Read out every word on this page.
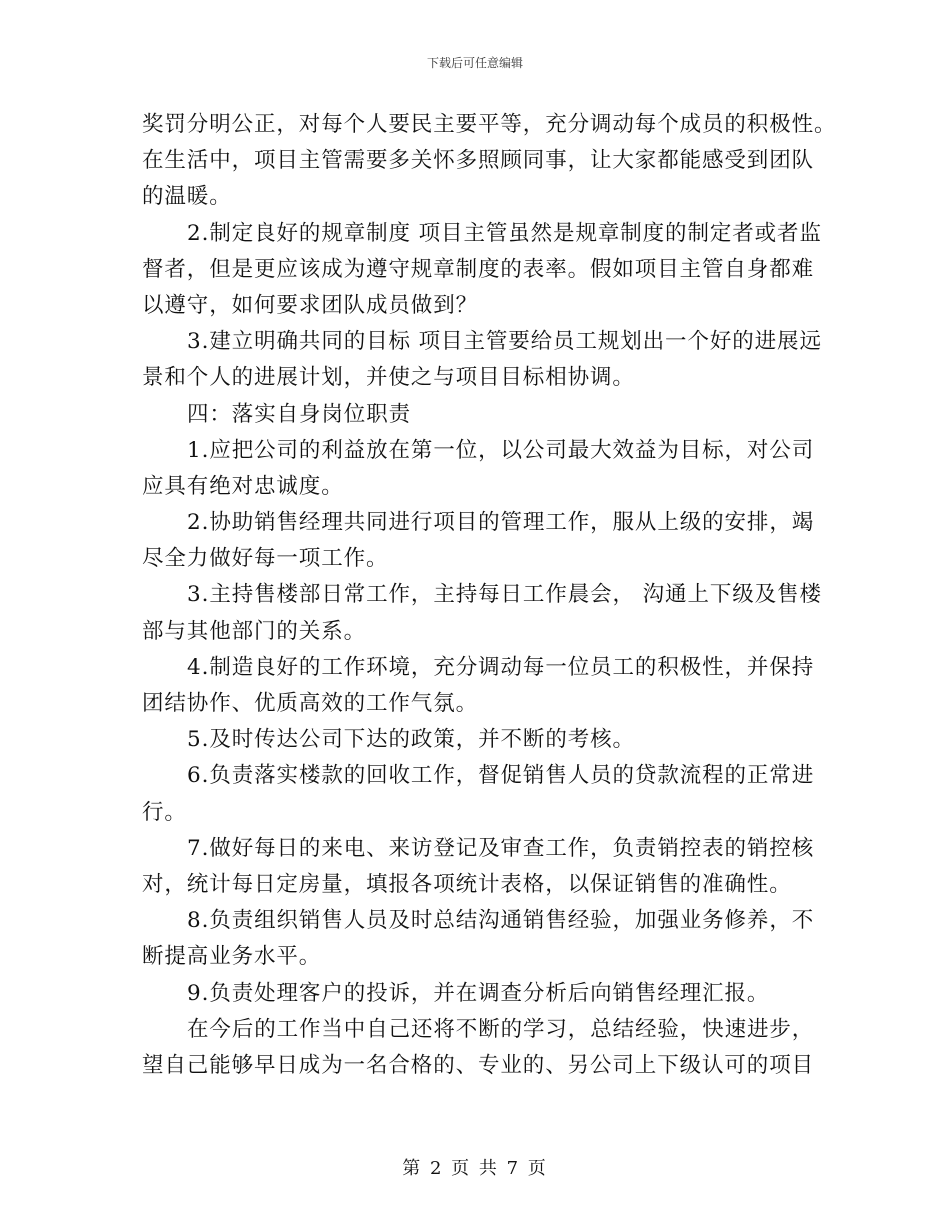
下载后可任意编辑
奖罚分明公正，对每个人要民主要平等，充分调动每个成员的积极性。
在生活中，项目主管需要多关怀多照顾同事，让大家都能感受到团队
的温暖。
2.制定良好的规章制度 项目主管虽然是规章制度的制定者或者监
督者，但是更应该成为遵守规章制度的表率。假如项目主管自身都难
以遵守，如何要求团队成员做到？
3.建立明确共同的目标 项目主管要给员工规划出一个好的进展远
景和个人的进展计划，并使之与项目目标相协调。
四：落实自身岗位职责
1.应把公司的利益放在第一位，以公司最大效益为目标，对公司
应具有绝对忠诚度。
2.协助销售经理共同进行项目的管理工作，服从上级的安排，竭
尽全力做好每一项工作。
3.主持售楼部日常工作，主持每日工作晨会， 沟通上下级及售楼
部与其他部门的关系。
4.制造良好的工作环境，充分调动每一位员工的积极性，并保持
团结协作、优质高效的工作气氛。
5.及时传达公司下达的政策，并不断的考核。
6.负责落实楼款的回收工作，督促销售人员的贷款流程的正常进
行。
7.做好每日的来电、来访登记及审查工作，负责销控表的销控核
对，统计每日定房量，填报各项统计表格，以保证销售的准确性。
8.负责组织销售人员及时总结沟通销售经验，加强业务修养，不
断提高业务水平。
9.负责处理客户的投诉，并在调查分析后向销售经理汇报。
在今后的工作当中自己还将不断的学习，总结经验，快速进步，
望自己能够早日成为一名合格的、专业的、另公司上下级认可的项目
第 2 页 共 7 页
